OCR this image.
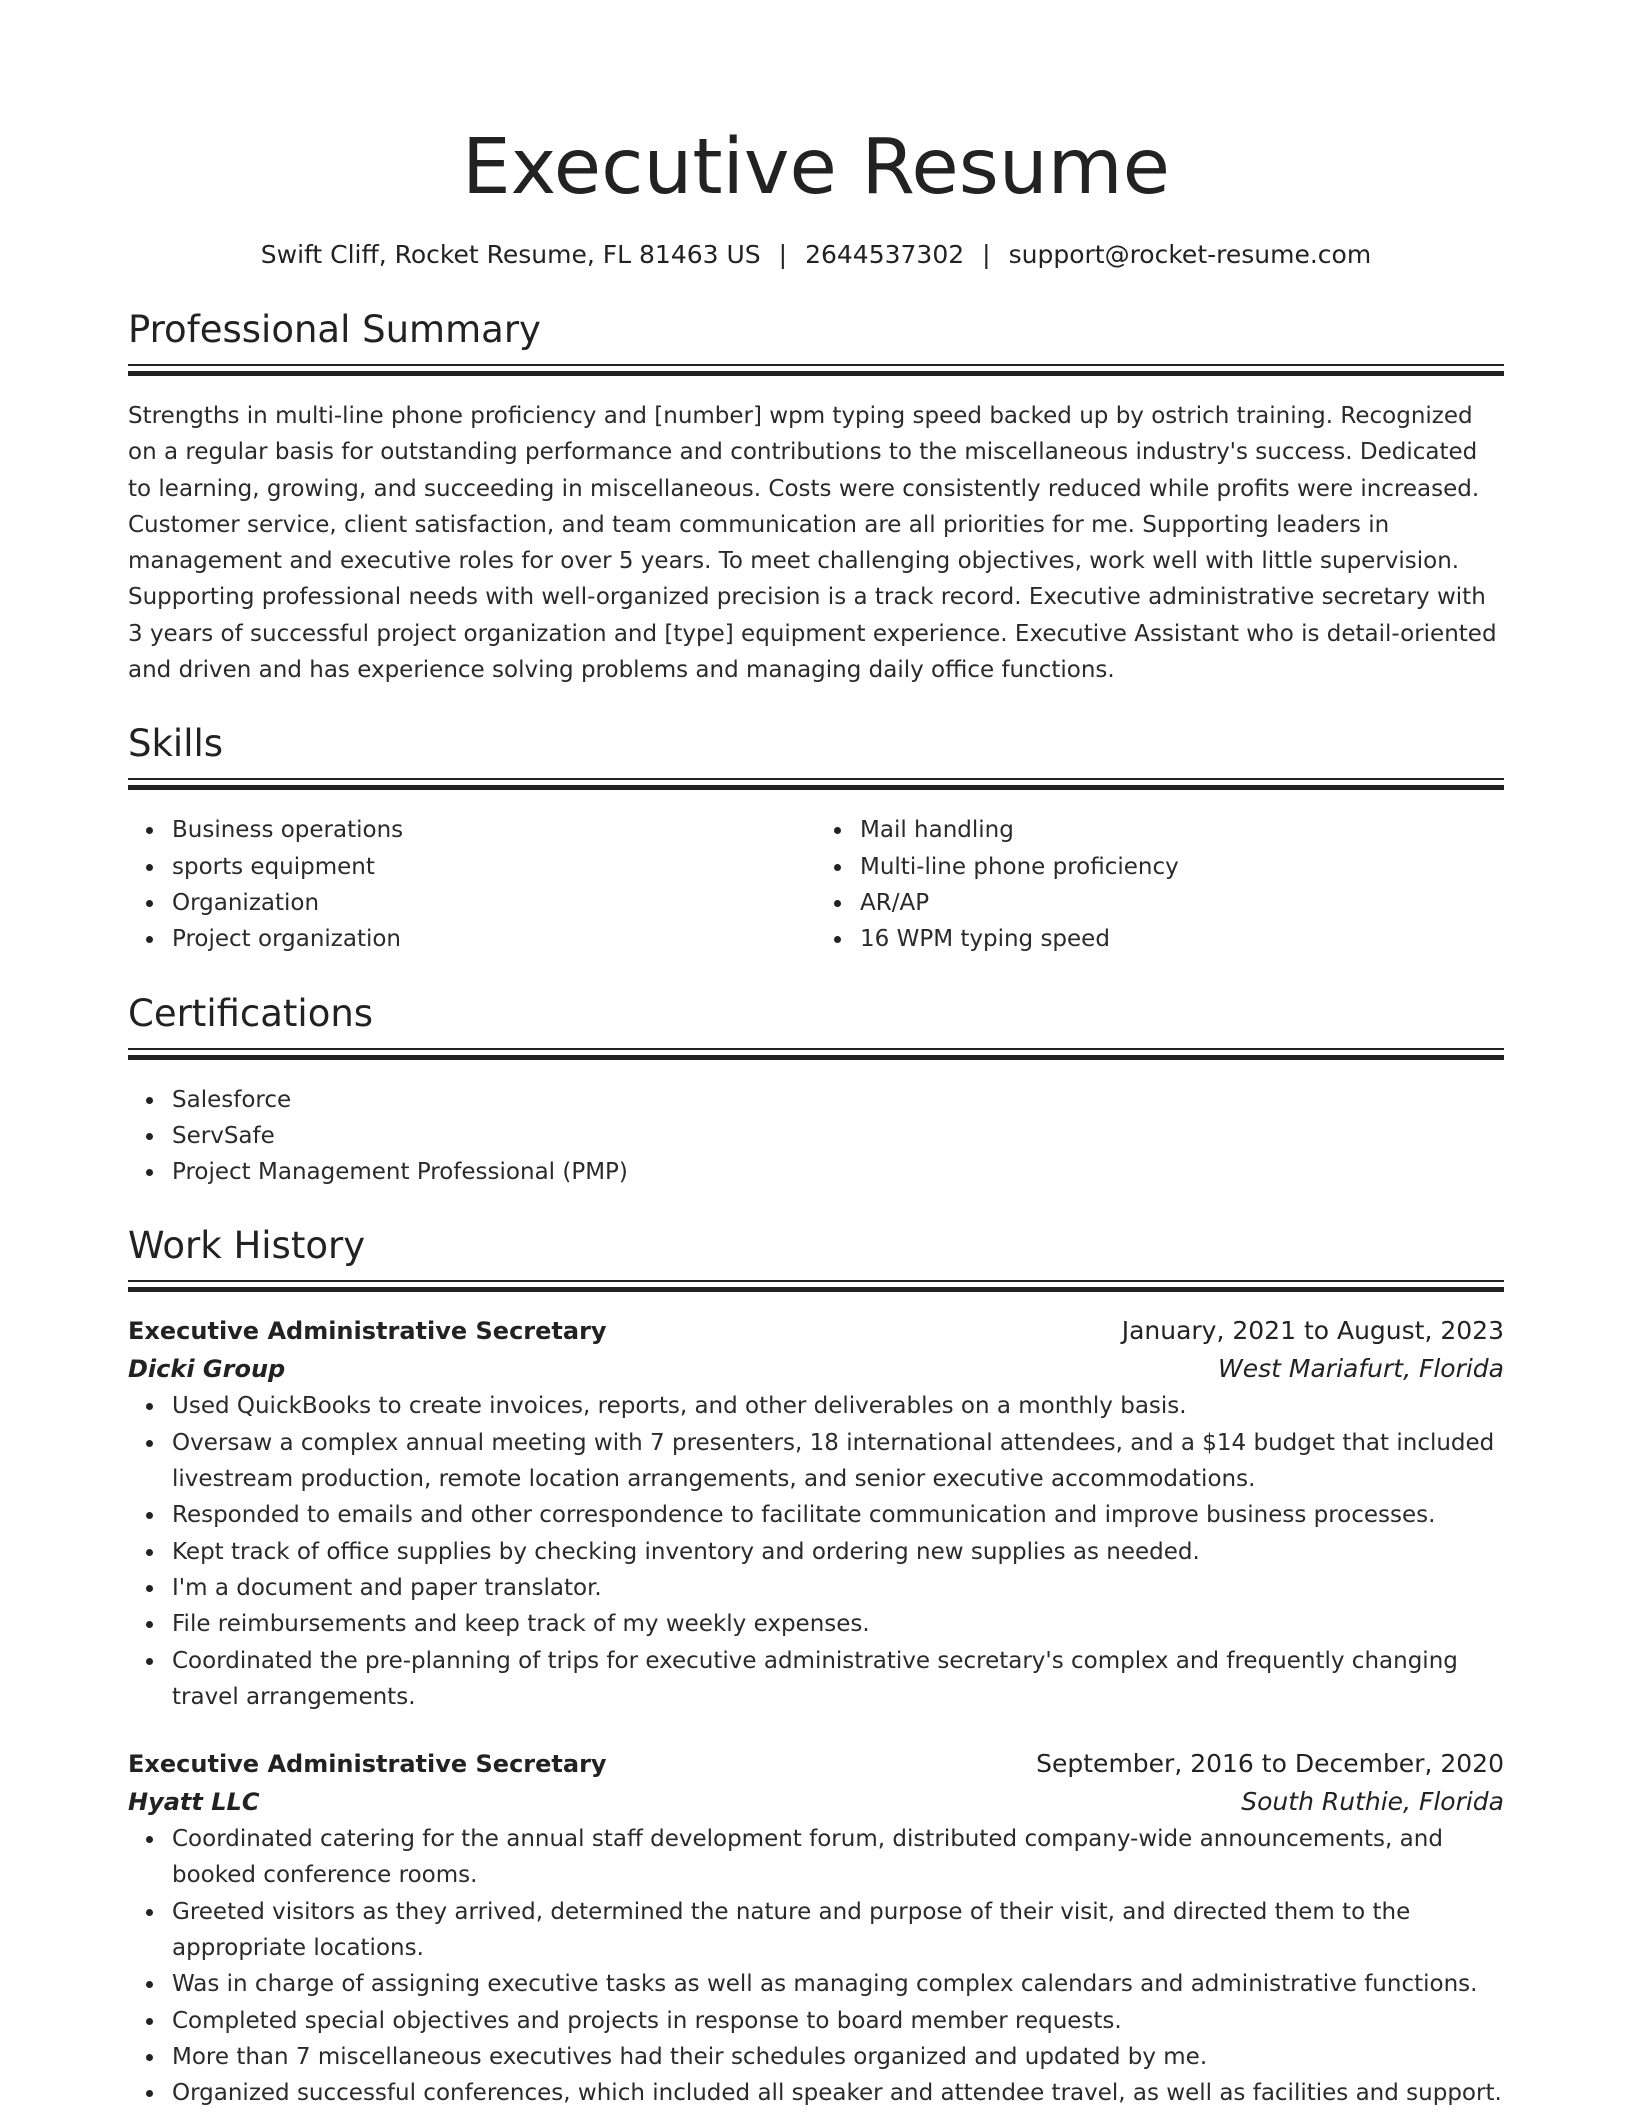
Executive Resume
Swift Cliff, Rocket Resume, FL 81463 US | 2644537302 | support@rocket-resume.com
Professional Summary

Strengths in multi-line phone proficiency and [number] wpm typing speed backed up by ostrich training. Recognized on a regular basis for outstanding performance and contributions to the miscellaneous industry's success. Dedicated to learning, growing, and succeeding in miscellaneous. Costs were consistently reduced while profits were increased. Customer service, client satisfaction, and team communication are all priorities for me. Supporting leaders in management and executive roles for over 5 years. To meet challenging objectives, work well with little supervision. Supporting professional needs with well-organized precision is a track record. Executive administrative secretary with 3 years of successful project organization and [type] equipment experience. Executive Assistant who is detail-oriented and driven and has experience solving problems and managing daily office functions.

Skills
Business operations
sports equipment
Organization
Project organization
Mail handling
Multi-line phone proficiency
AR/AP
16 WPM typing speed
Certifications
Salesforce
ServSafe
Project Management Professional (PMP)
Work History
Executive Administrative Secretary	January, 2021 to August, 2023
Dicki Group	West Mariafurt, Florida
Used QuickBooks to create invoices, reports, and other deliverables on a monthly basis.
Oversaw a complex annual meeting with 7 presenters, 18 international attendees, and a $14 budget that included livestream production, remote location arrangements, and senior executive accommodations.
Responded to emails and other correspondence to facilitate communication and improve business processes.
Kept track of office supplies by checking inventory and ordering new supplies as needed.
I'm a document and paper translator.
File reimbursements and keep track of my weekly expenses.
Coordinated the pre-planning of trips for executive administrative secretary's complex and frequently changing travel arrangements.
Executive Administrative Secretary	September, 2016 to December, 2020
Hyatt LLC	South Ruthie, Florida
Coordinated catering for the annual staff development forum, distributed company-wide announcements, and booked conference rooms.
Greeted visitors as they arrived, determined the nature and purpose of their visit, and directed them to the appropriate locations.
Was in charge of assigning executive tasks as well as managing complex calendars and administrative functions.
Completed special objectives and projects in response to board member requests.
More than 7 miscellaneous executives had their schedules organized and updated by me.
Organized successful conferences, which included all speaker and attendee travel, as well as facilities and support.
